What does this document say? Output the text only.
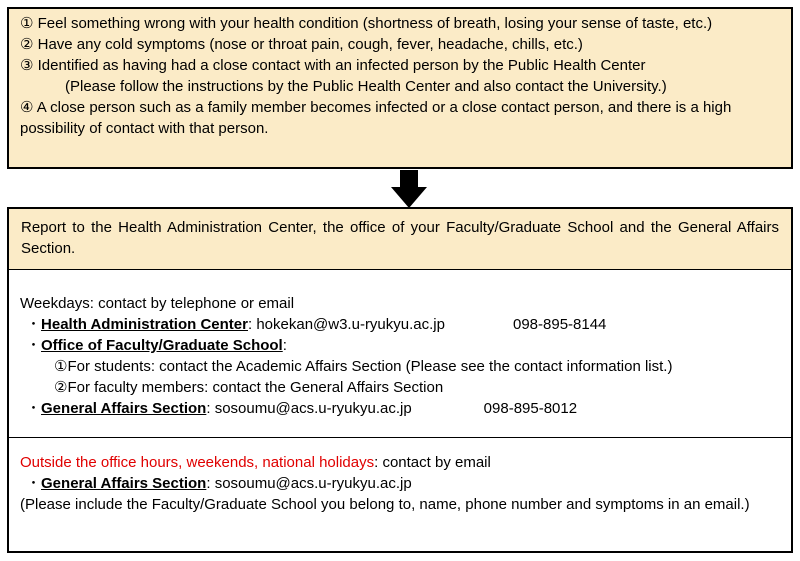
① Feel something wrong with your health condition (shortness of breath, losing your sense of taste, etc.)

② Have any cold symptoms (nose or throat pain, cough, fever, headache, chills, etc.)

③ Identified as having had a close contact with an infected person by the Public Health Center

(Please follow the instructions by the Public Health Center and also contact the University.)

④ A close person such as a family member becomes infected or a close contact person, and there is a high possibility of contact with that person.

Report to the Health Administration Center, the office of your Faculty/Graduate School and the General Affairs Section.

Weekdays: contact by telephone or email

・Health Administration Center: hokekan@w3.u-ryukyu.ac.jp	098-895-8144

・Office of Faculty/Graduate School:

①For students: contact the Academic Affairs Section (Please see the contact information list.)

②For faculty members: contact the General Affairs Section

・General Affairs Section: sosoumu@acs.u-ryukyu.ac.jp	098-895-8012

Outside the office hours, weekends, national holidays: contact by email

・General Affairs Section: sosoumu@acs.u-ryukyu.ac.jp

(Please include the Faculty/Graduate School you belong to, name, phone number and symptoms in an email.)
